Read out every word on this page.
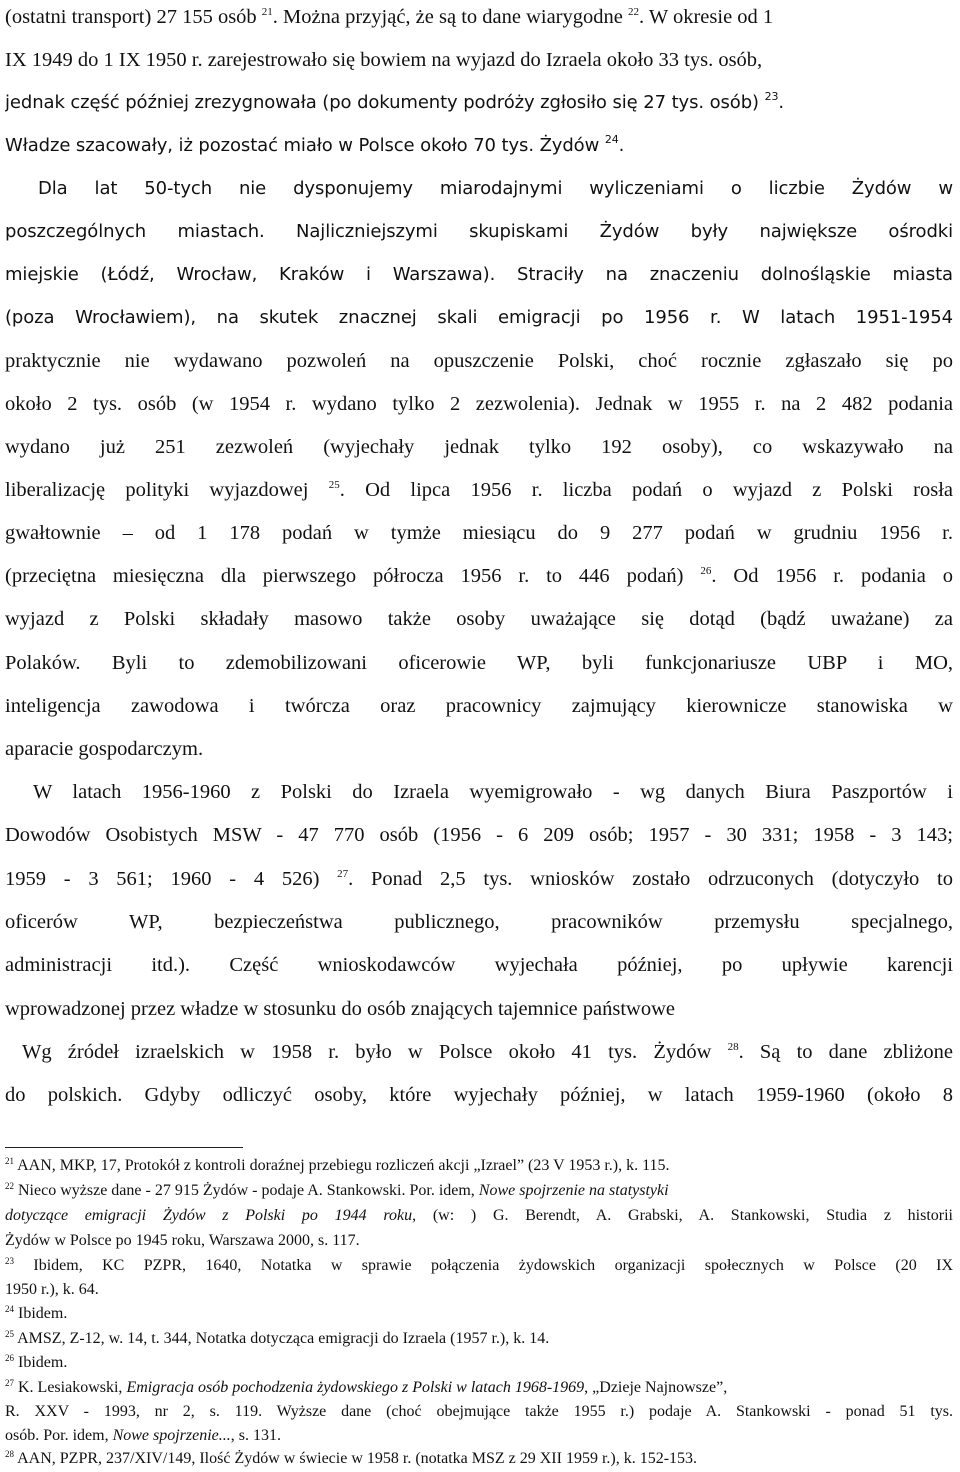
(ostatni transport) 27 155 osób $^{21}$. Można przyjąć, że są to dane wiarygodne $^{22}$. W okresie od 1
IX 1949 do 1 IX 1950 r. zarejestrowało się bowiem na wyjazd do Izraela około 33 tys. osób,
jednak część później zrezygnowała (po dokumenty podróży zgłosiło się 27 tys. osób) $^{23}$.
Władze szacowały, iż pozostać miało w Polsce około 70 tys. Żydów $^{24}$.
Dla lat 50-tych nie dysponujemy miarodajnymi wyliczeniami o liczbie Żydów w
poszczególnych miastach. Najliczniejszymi skupiskami Żydów były największe ośrodki
miejskie (Łódź, Wrocław, Kraków i Warszawa). Straciły na znaczeniu dolnośląskie miasta
(poza Wrocławiem), na skutek znacznej skali emigracji po 1956 r. W latach 1951-1954
praktycznie nie wydawano pozwoleń na opuszczenie Polski, choć rocznie zgłaszało się po
około 2 tys. osób (w 1954 r. wydano tylko 2 zezwolenia). Jednak w 1955 r. na 2 482 podania
wydano już 251 zezwoleń (wyjechały jednak tylko 192 osoby), co wskazywało na
liberalizację polityki wyjazdowej $^{25}$. Od lipca 1956 r. liczba podań o wyjazd z Polski rosła
gwałtownie – od 1 178 podań w tymże miesiącu do 9 277 podań w grudniu 1956 r.
(przeciętna miesięczna dla pierwszego półrocza 1956 r. to 446 podań) $^{26}$. Od 1956 r. podania o
wyjazd z Polski składały masowo także osoby uważające się dotąd (bądź uważane) za
Polaków. Byli to zdemobilizowani oficerowie WP, byli funkcjonariusze UBP i MO,
inteligencja zawodowa i twórcza oraz pracownicy zajmujący kierownicze stanowiska w
aparacie gospodarczym.
W latach 1956-1960 z Polski do Izraela wyemigrowało - wg danych Biura Paszportów i
Dowodów Osobistych MSW - 47 770 osób (1956 - 6 209 osób; 1957 - 30 331; 1958 - 3 143;
1959 - 3 561; 1960 - 4 526) $^{27}$. Ponad 2,5 tys. wniosków zostało odrzuconych (dotyczyło to
oficerów WP, bezpieczeństwa publicznego, pracowników przemysłu specjalnego,
administracji itd.). Część wnioskodawców wyjechała później, po upływie karencji
wprowadzonej przez władze w stosunku do osób znających tajemnice państwowe
Wg źródeł izraelskich w 1958 r. było w Polsce około 41 tys. Żydów $^{28}$. Są to dane zbliżone
do polskich. Gdyby odliczyć osoby, które wyjechały później, w latach 1959-1960 (około 8
$^{21}$ AAN, MKP, 17, Protokół z kontroli doraźnej przebiegu rozliczeń akcji „Izrael” (23 V 1953 r.), k. 115.
$^{22}$ Nieco wyższe dane - 27 915 Żydów - podaje A. Stankowski. Por. idem, Nowe spojrzenie na statystyki
dotyczące emigracji Żydów z Polski po 1944 roku, (w: ) G. Berendt, A. Grabski, A. Stankowski, Studia z historii
Żydów w Polsce po 1945 roku, Warszawa 2000, s. 117.
$^{23}$ Ibidem, KC PZPR, 1640, Notatka w sprawie połączenia żydowskich organizacji społecznych w Polsce (20 IX
1950 r.), k. 64.
$^{24}$ Ibidem.
$^{25}$ AMSZ, Z-12, w. 14, t. 344, Notatka dotycząca emigracji do Izraela (1957 r.), k. 14.
$^{26}$ Ibidem.
$^{27}$ K. Lesiakowski, Emigracja osób pochodzenia żydowskiego z Polski w latach 1968-1969, „Dzieje Najnowsze”,
R. XXV - 1993, nr 2, s. 119. Wyższe dane (choć obejmujące także 1955 r.) podaje A. Stankowski - ponad 51 tys.
osób. Por. idem, Nowe spojrzenie..., s. 131.
$^{28}$ AAN, PZPR, 237/XIV/149, Ilość Żydów w świecie w 1958 r. (notatka MSZ z 29 XII 1959 r.), k. 152-153.
